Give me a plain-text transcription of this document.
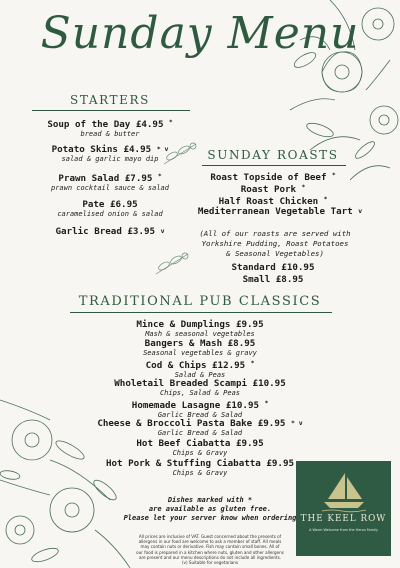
Sunday Menu
STARTERS
Soup of the Day £4.95 *
bread & butter
Potato Skins £4.95 * v
salad & garlic mayo dip
Prawn Salad £7.95 *
prawn cocktail sauce & salad
Pate £6.95
caramelised onion & salad
Garlic Bread £3.95 v
SUNDAY ROASTS
Roast Topside of Beef *
Roast Pork *
Half Roast Chicken *
Mediterranean Vegetable Tart v
(All of our roasts are served with
Yorkshire Pudding, Roast Potatoes
& Seasonal Vegetables)
Standard £10.95
Small £8.95
TRADITIONAL PUB CLASSICS
Mince & Dumplings £9.95
Mash & seasonal vegetables
Bangers & Mash £8.95
Seasonal vegetables & gravy
Cod & Chips £12.95 *
Salad & Peas
Wholetail Breaded Scampi £10.95
Chips, Salad & Peas
Homemade Lasagne £10.95 *
Garlic Bread & Salad
Cheese & Broccoli Pasta Bake £9.95 * v
Garlic Bread & Salad
Hot Beef Ciabatta £9.95
Chips & Gravy
Hot Pork & Stuffing Ciabatta £9.95
Chips & Gravy
Dishes marked with *
are available as gluten free.
Please let your server know when ordering
All prices are inclusive of VAT. Guest concerned about the presents of
allergens in our food are welcome to ask a member of staff. All meals
may contain nuts or derivative. Fish may contain small bones. All of
our food is prepared in a kitchen where nuts, gluten and other allergens
are present and our menu descriptions do not include all ingredients.
(v) Suitable for vegetarians
THE KEEL ROW
A Warm Welcome from the Heron Family
